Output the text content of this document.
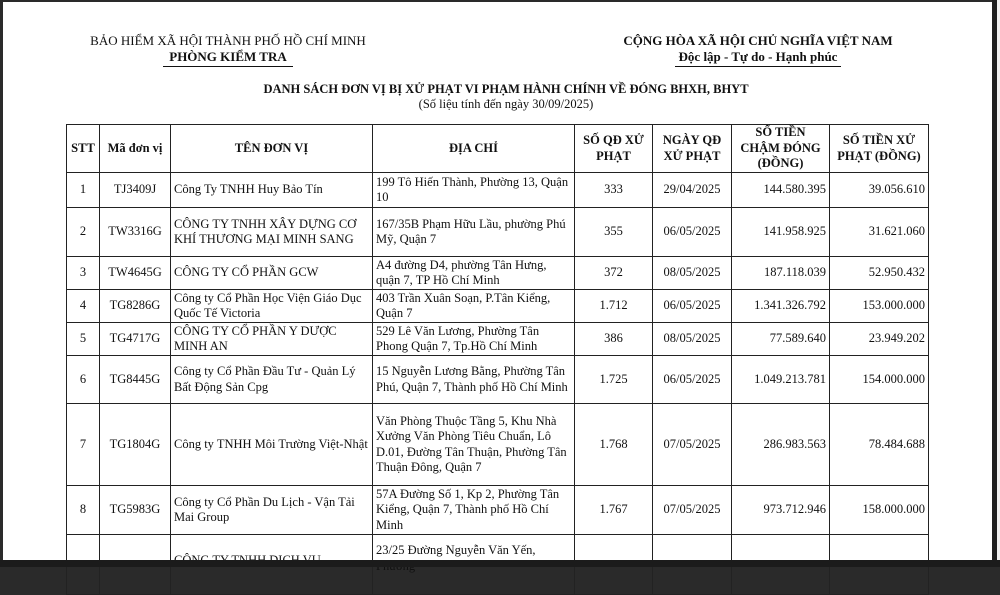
BẢO HIỂM XÃ HỘI THÀNH PHỐ HỒ CHÍ MINH
PHÒNG KIỂM TRA
CỘNG HÒA XÃ HỘI CHỦ NGHĨA VIỆT NAM
Độc lập - Tự do - Hạnh phúc
DANH SÁCH ĐƠN VỊ BỊ XỬ PHẠT VI PHẠM HÀNH CHÍNH VỀ ĐÓNG BHXH, BHYT
(Số liệu tính đến ngày 30/09/2025)
STT	Mã đơn vị	TÊN ĐƠN VỊ	ĐỊA CHỈ	SỐ QĐ XỬ PHẠT	NGÀY QĐ XỬ PHẠT	SỐ TIỀN CHẬM ĐÓNG (ĐỒNG)	SỐ TIỀN XỬ PHẠT (ĐỒNG)
1	TJ3409J	Công Ty TNHH Huy Bảo Tín	199 Tô Hiến Thành, Phường 13, Quận 10	333	29/04/2025	144.580.395	39.056.610
2	TW3316G	CÔNG TY TNHH XÂY DỰNG CƠ KHÍ THƯƠNG MẠI MINH SANG	167/35B Phạm Hữu Lầu, phường Phú Mỹ, Quận 7	355	06/05/2025	141.958.925	31.621.060
3	TW4645G	CÔNG TY CỔ PHẦN GCW	A4 đường D4, phường Tân Hưng, quận 7, TP Hồ Chí Minh	372	08/05/2025	187.118.039	52.950.432
4	TG8286G	Công ty Cổ Phần Học Viện Giáo Dục Quốc Tế Victoria	403 Trần Xuân Soạn, P.Tân Kiểng, Quận 7	1.712	06/05/2025	1.341.326.792	153.000.000
5	TG4717G	CÔNG TY CỔ PHẦN Y DƯỢC MINH AN	529 Lê Văn Lương, Phường Tân Phong Quận 7, Tp.Hồ Chí Minh	386	08/05/2025	77.589.640	23.949.202
6	TG8445G	Công ty Cổ Phần Đầu Tư - Quản Lý Bất Động Sản Cpg	15 Nguyễn Lương Bằng, Phường Tân Phú, Quận 7, Thành phố Hồ Chí Minh	1.725	06/05/2025	1.049.213.781	154.000.000
7	TG1804G	Công ty TNHH Môi Trường Việt-Nhật	Văn Phòng Thuộc Tầng 5, Khu Nhà Xưởng Văn Phòng Tiêu Chuẩn, Lô D.01, Đường Tân Thuận, Phường Tân Thuận Đông, Quận 7	1.768	07/05/2025	286.983.563	78.484.688
8	TG5983G	Công ty Cổ Phần Du Lịch - Vận Tải Mai Group	57A Đường Số 1, Kp 2, Phường Tân Kiểng, Quận 7, Thành phố Hồ Chí Minh	1.767	07/05/2025	973.712.946	158.000.000
			23/25 Đường Nguyễn Văn Yến,				
